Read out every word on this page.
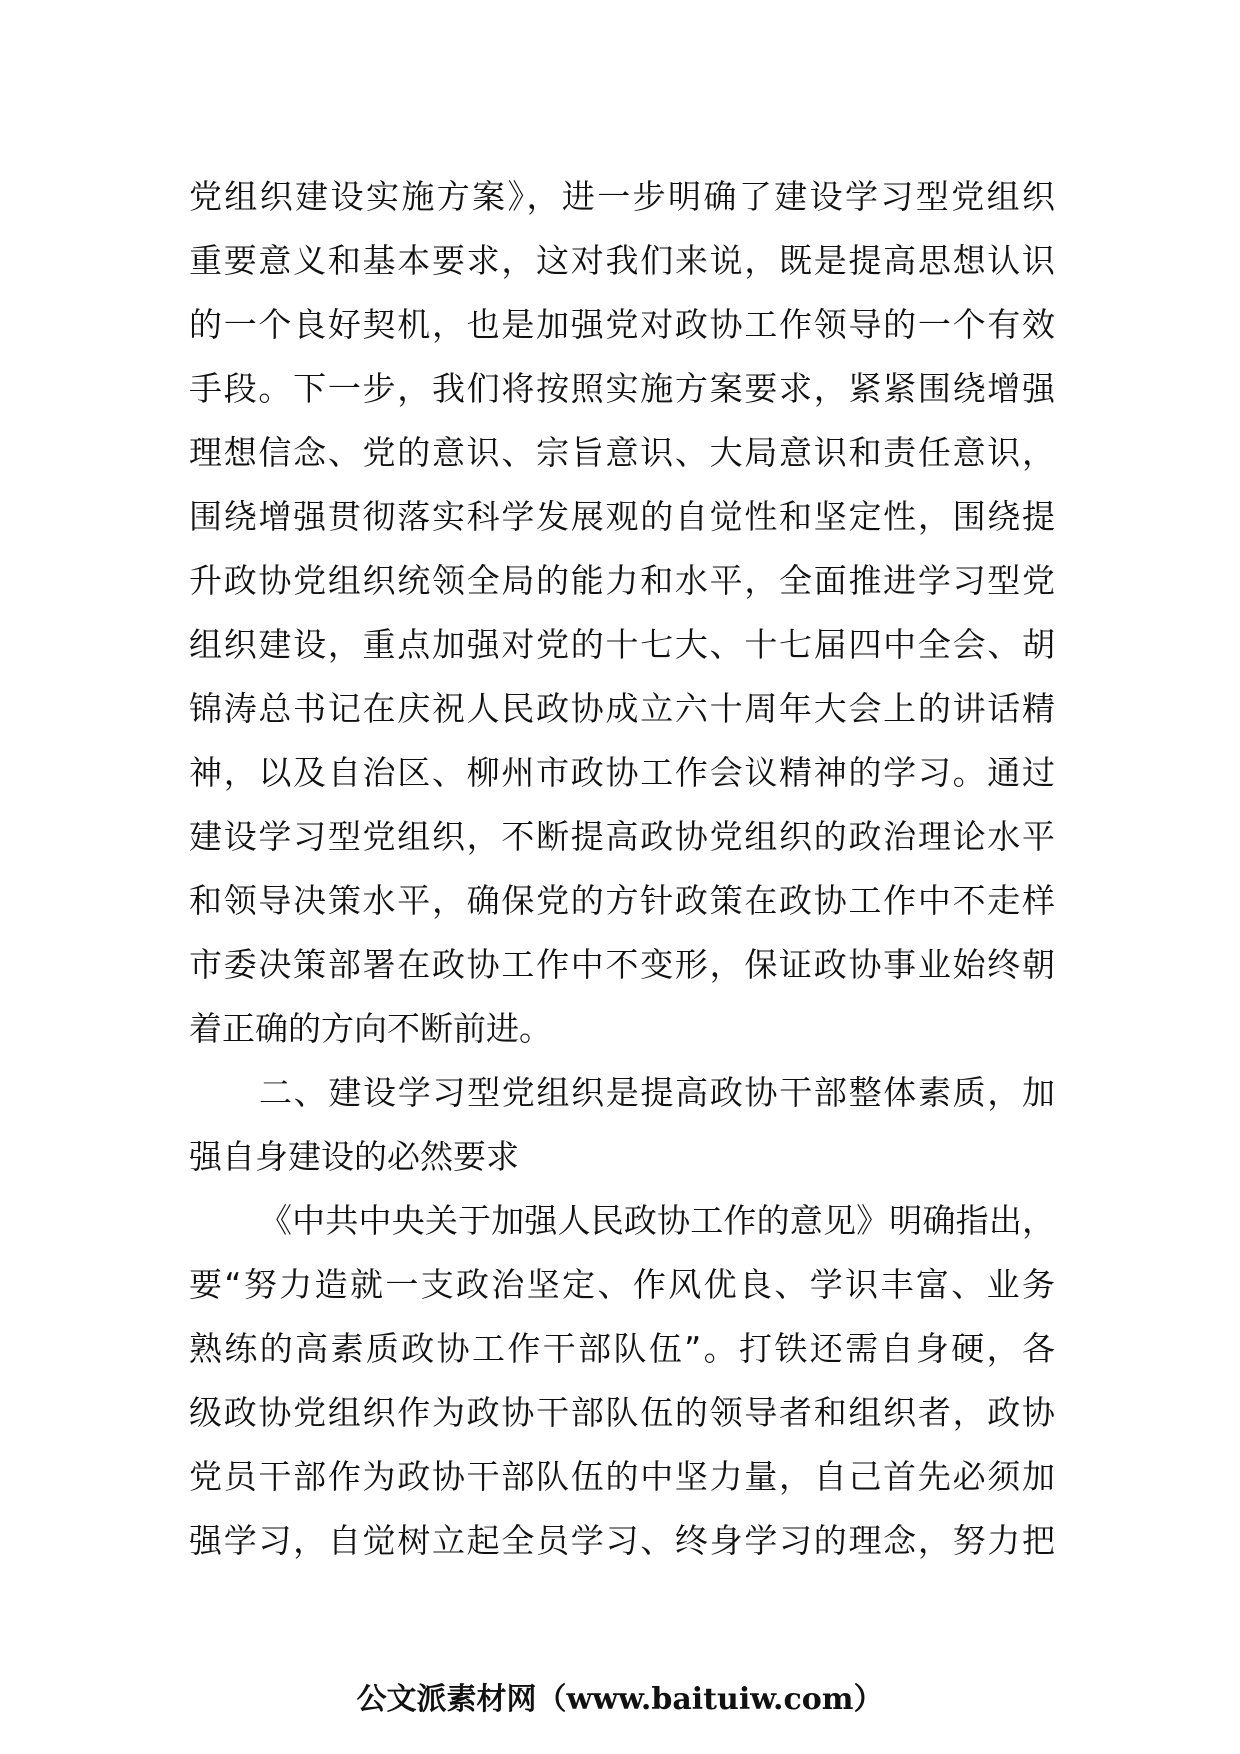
党组织建设实施方案》，进一步明确了建设学习型党组织
重要意义和基本要求，这对我们来说，既是提高思想认识
的一个良好契机，也是加强党对政协工作领导的一个有效
手段。下一步，我们将按照实施方案要求，紧紧围绕增强
理想信念、党的意识、宗旨意识、大局意识和责任意识，
围绕增强贯彻落实科学发展观的自觉性和坚定性，围绕提
升政协党组织统领全局的能力和水平，全面推进学习型党
组织建设，重点加强对党的十七大、十七届四中全会、胡
锦涛总书记在庆祝人民政协成立六十周年大会上的讲话精
神，以及自治区、柳州市政协工作会议精神的学习。通过
建设学习型党组织，不断提高政协党组织的政治理论水平
和领导决策水平，确保党的方针政策在政协工作中不走样
市委决策部署在政协工作中不变形，保证政协事业始终朝
着正确的方向不断前进。
二、建设学习型党组织是提高政协干部整体素质，加
强自身建设的必然要求
《中共中央关于加强人民政协工作的意见》明确指出，
要“努力造就一支政治坚定、作风优良、学识丰富、业务
熟练的高素质政协工作干部队伍”。打铁还需自身硬，各
级政协党组织作为政协干部队伍的领导者和组织者，政协
党员干部作为政协干部队伍的中坚力量，自己首先必须加
强学习，自觉树立起全员学习、终身学习的理念，努力把
公文派素材网（www.baituiw.com）
